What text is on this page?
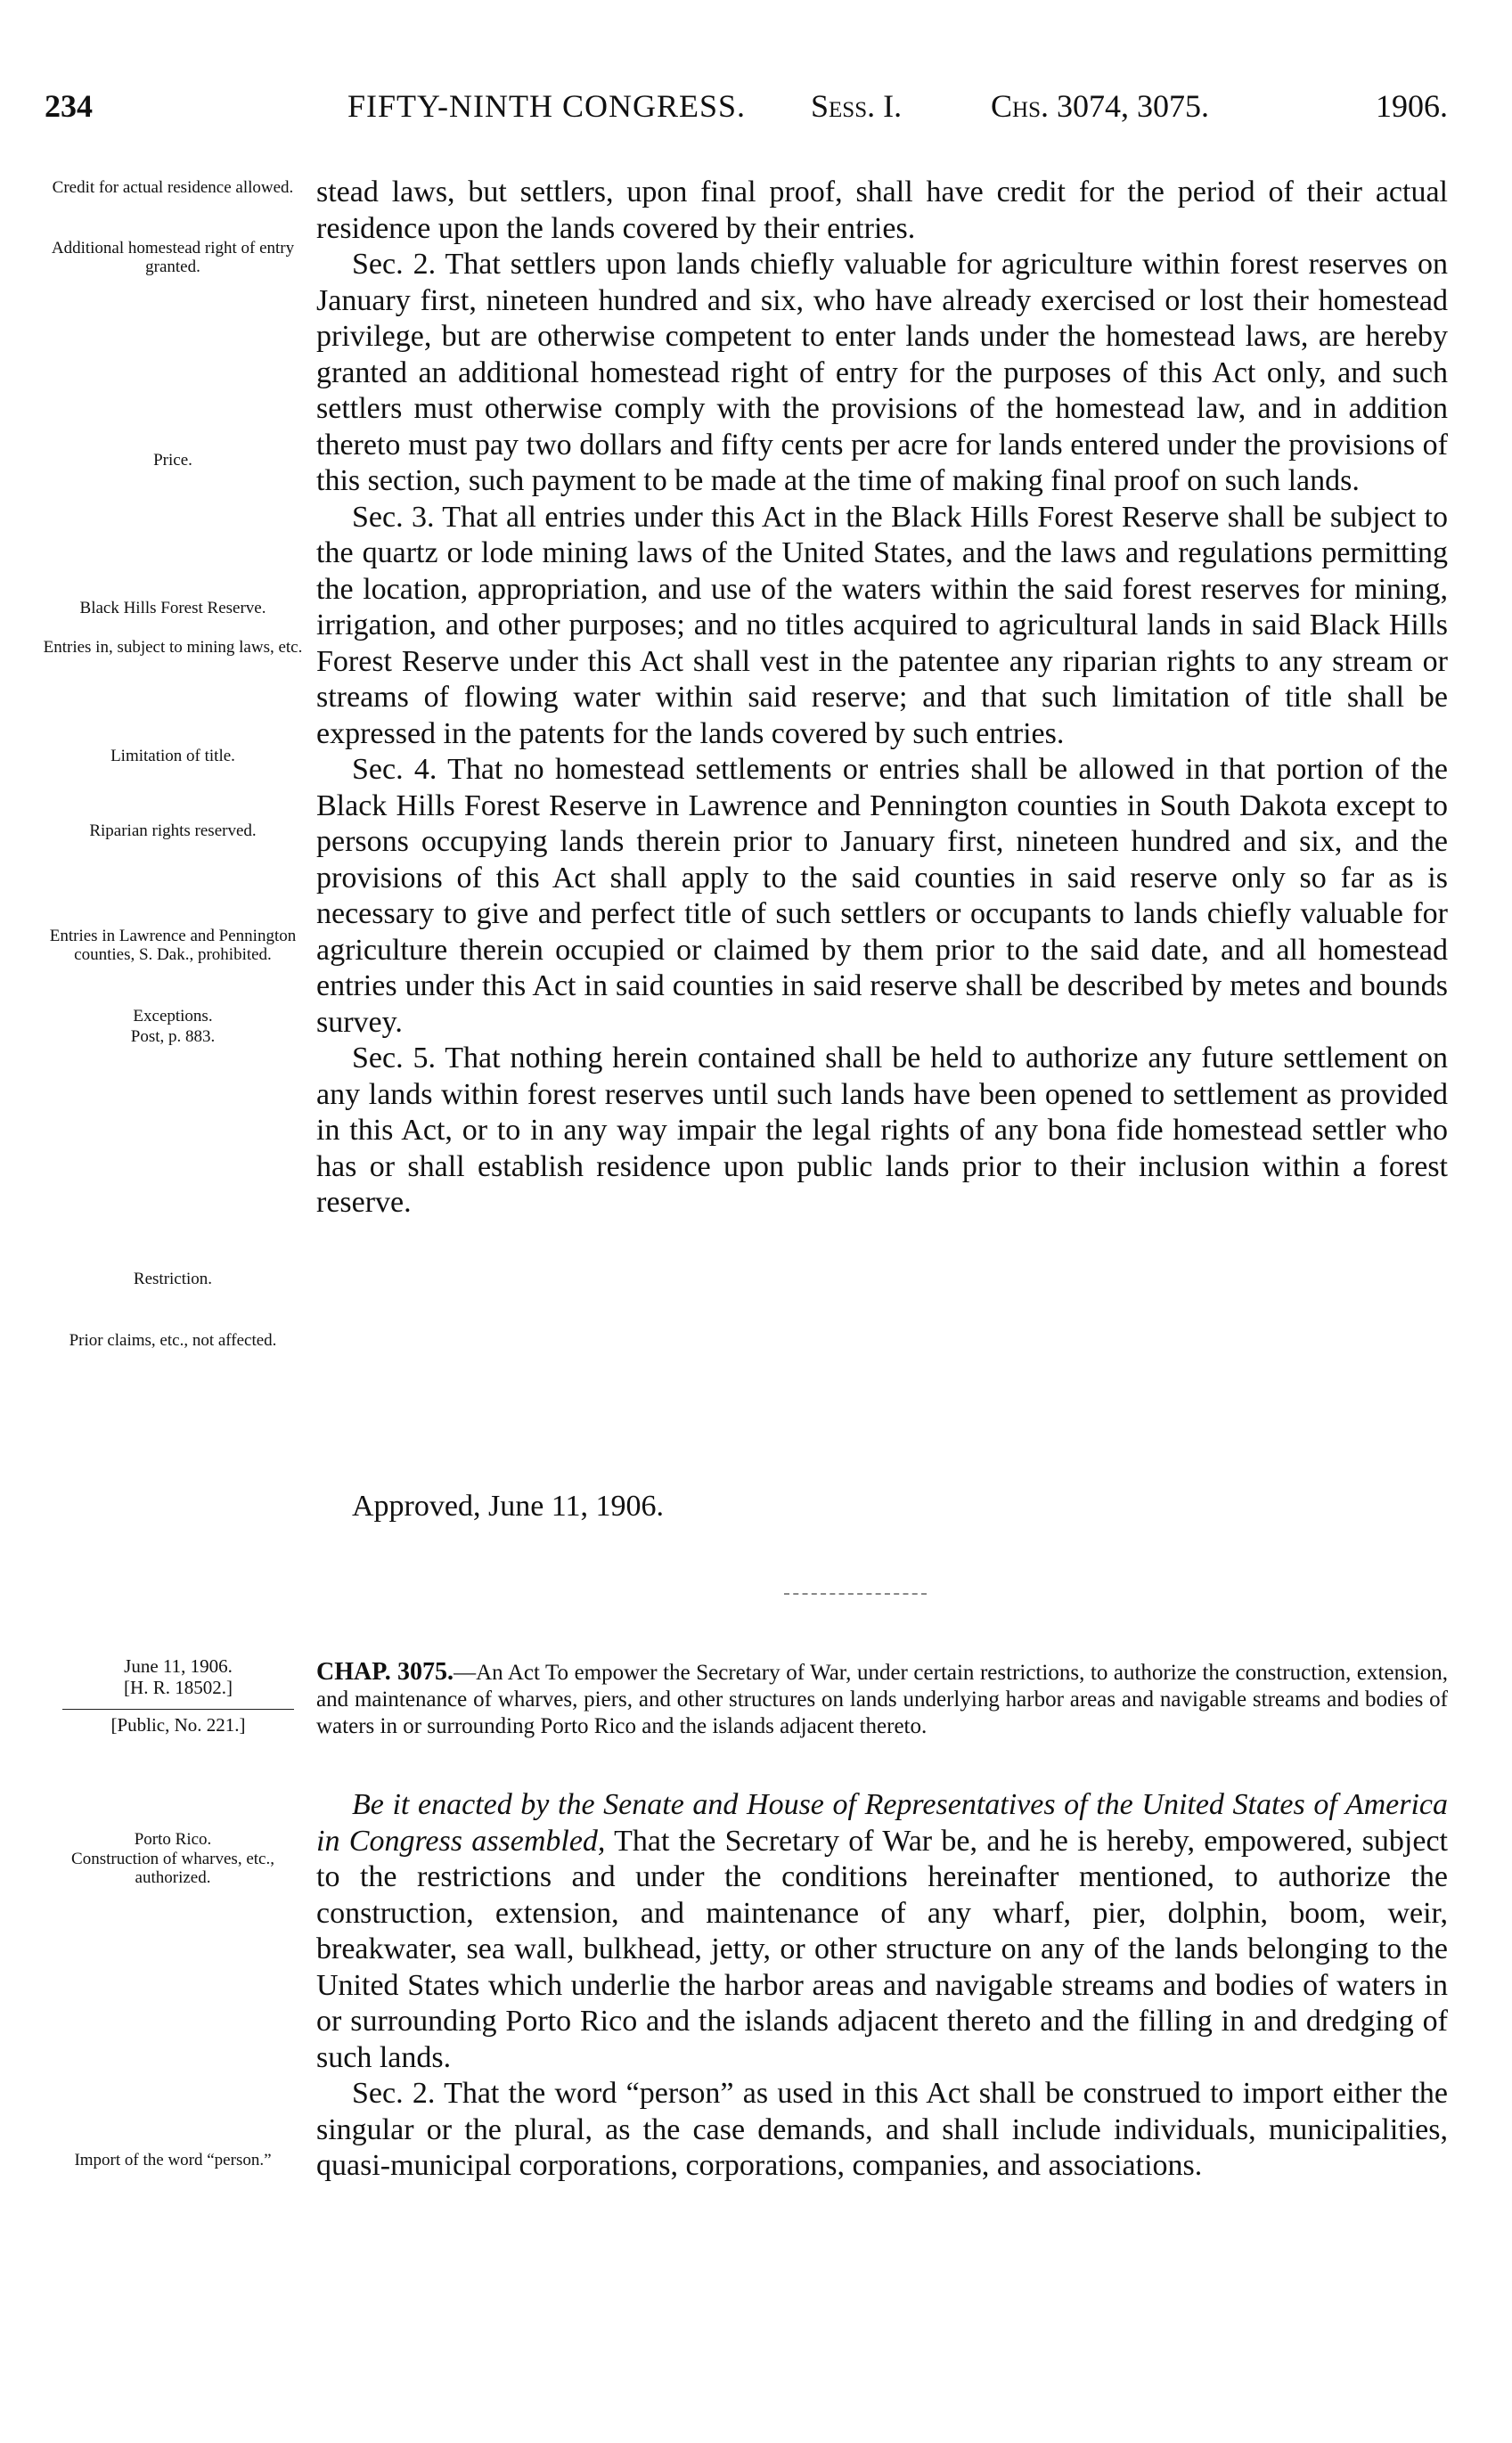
234	FIFTY-NINTH CONGRESS. Sess. I.	Chs. 3074, 3075.	1906.
Credit for actual residence allowed.
Additional homestead right of entry granted.
Price.
Black Hills Forest Reserve.
Entries in, subject to mining laws, etc.
Limitation of title.
Riparian rights reserved.
Entries in Lawrence and Pennington counties, S. Dak., prohibited.
Exceptions.
Post, p. 883.
Restriction.
Prior claims, etc., not affected.
Porto Rico.
Construction of wharves, etc., authorized.
Import of the word “person.”

stead laws, but settlers, upon final proof, shall have credit for the period of their actual residence upon the lands covered by their entries.

Sec. 2. That settlers upon lands chiefly valuable for agriculture within forest reserves on January first, nineteen hundred and six, who have already exercised or lost their homestead privilege, but are otherwise competent to enter lands under the homestead laws, are hereby granted an additional homestead right of entry for the purposes of this Act only, and such settlers must otherwise comply with the provisions of the homestead law, and in addition thereto must pay two dollars and fifty cents per acre for lands entered under the provisions of this section, such payment to be made at the time of making final proof on such lands.

Sec. 3. That all entries under this Act in the Black Hills Forest Reserve shall be subject to the quartz or lode mining laws of the United States, and the laws and regulations permitting the location, appropriation, and use of the waters within the said forest reserves for mining, irrigation, and other purposes; and no titles acquired to agricultural lands in said Black Hills Forest Reserve under this Act shall vest in the patentee any riparian rights to any stream or streams of flowing water within said reserve; and that such limitation of title shall be expressed in the patents for the lands covered by such entries.

Sec. 4. That no homestead settlements or entries shall be allowed in that portion of the Black Hills Forest Reserve in Lawrence and Pennington counties in South Dakota except to persons occupying lands therein prior to January first, nineteen hundred and six, and the provisions of this Act shall apply to the said counties in said reserve only so far as is necessary to give and perfect title of such settlers or occupants to lands chiefly valuable for agriculture therein occupied or claimed by them prior to the said date, and all homestead entries under this Act in said counties in said reserve shall be described by metes and bounds survey.

Sec. 5. That nothing herein contained shall be held to authorize any future settlement on any lands within forest reserves until such lands have been opened to settlement as provided in this Act, or to in any way impair the legal rights of any bona fide homestead settler who has or shall establish residence upon public lands prior to their inclusion within a forest reserve.

Approved, June 11, 1906.
June 11, 1906.
[H. R. 18502.]
[Public, No. 221.]
CHAP. 3075.—An Act To empower the Secretary of War, under certain restrictions, to authorize the construction, extension, and maintenance of wharves, piers, and other structures on lands underlying harbor areas and navigable streams and bodies of waters in or surrounding Porto Rico and the islands adjacent thereto.

Be it enacted by the Senate and House of Representatives of the United States of America in Congress assembled, That the Secretary of War be, and he is hereby, empowered, subject to the restrictions and under the conditions hereinafter mentioned, to authorize the construction, extension, and maintenance of any wharf, pier, dolphin, boom, weir, breakwater, sea wall, bulkhead, jetty, or other structure on any of the lands belonging to the United States which underlie the harbor areas and navigable streams and bodies of waters in or surrounding Porto Rico and the islands adjacent thereto and the filling in and dredging of such lands.

Sec. 2. That the word “person” as used in this Act shall be construed to import either the singular or the plural, as the case demands, and shall include individuals, municipalities, quasi-municipal corporations, corporations, companies, and associations.
